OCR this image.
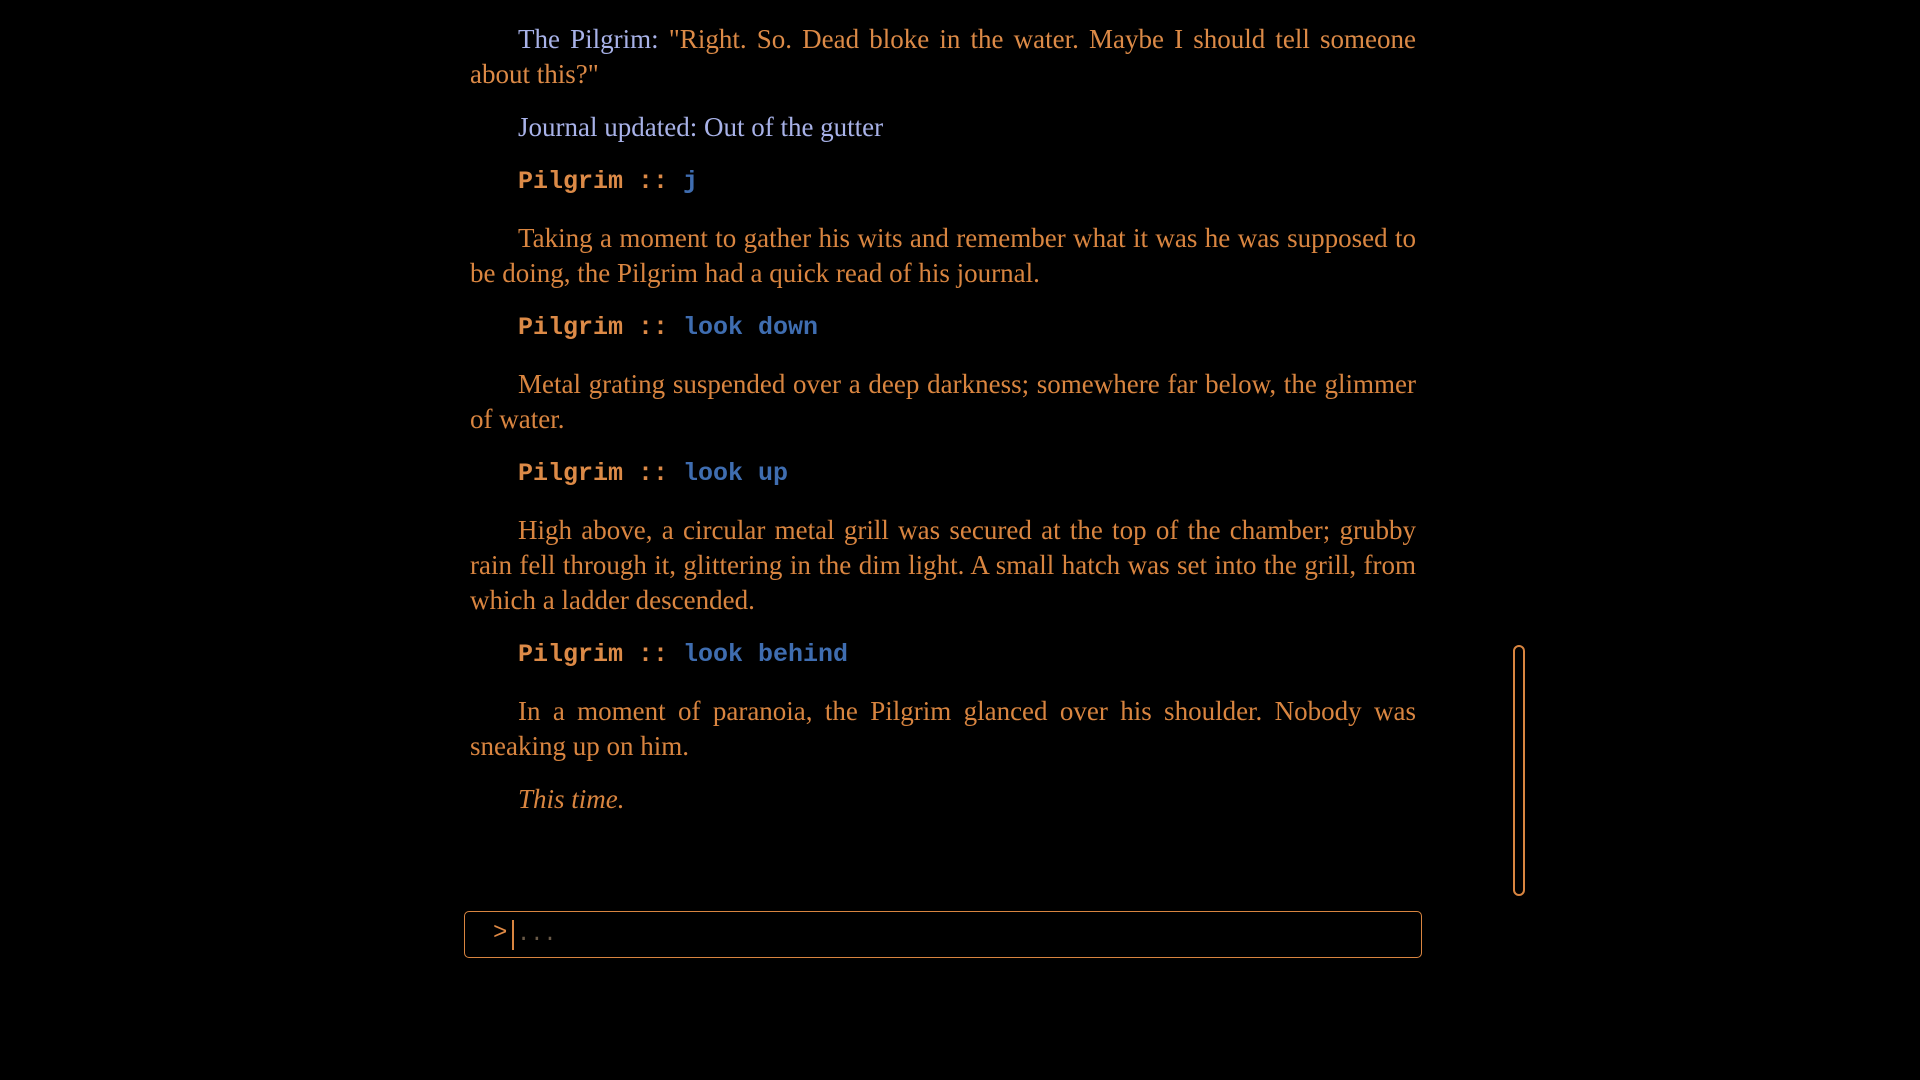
The Pilgrim: "Right. So. Dead bloke in the water. Maybe I should tell someone about this?"

Journal updated: Out of the gutter

Pilgrim :: j

Taking a moment to gather his wits and remember what it was he was supposed to be doing, the Pilgrim had a quick read of his journal.

Pilgrim :: look down

Metal grating suspended over a deep darkness; somewhere far below, the glimmer of water.

Pilgrim :: look up

High above, a circular metal grill was secured at the top of the chamber; grubby rain fell through it, glittering in the dim light. A small hatch was set into the grill, from which a ladder descended.

Pilgrim :: look behind

In a moment of paranoia, the Pilgrim glanced over his shoulder. Nobody was sneaking up on him.

This time.

>
...
